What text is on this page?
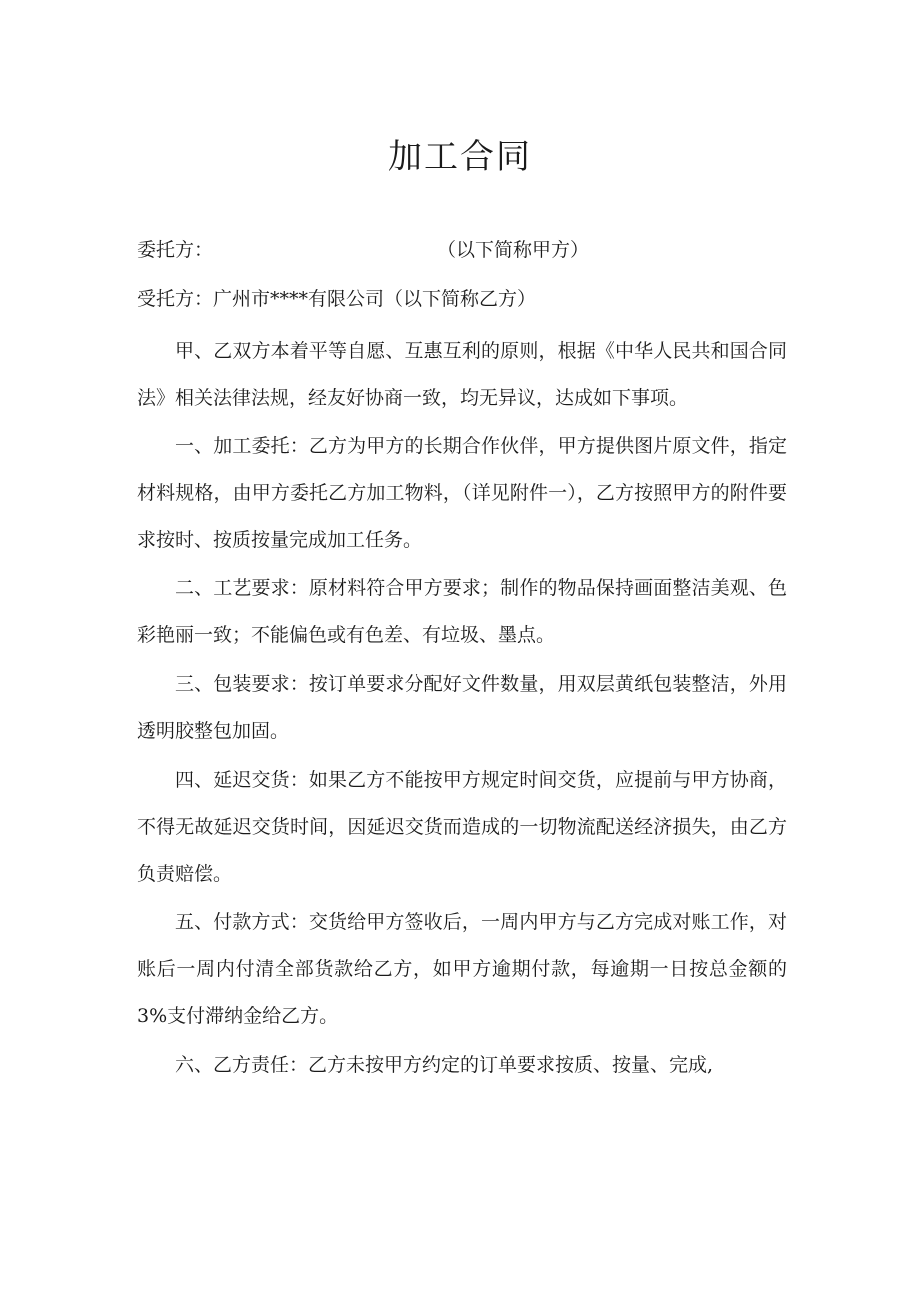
加工合同
委托方：	（以下简称甲方）
受托方：广州市****有限公司（以下简称乙方）

甲、乙双方本着平等自愿、互惠互利的原则，根据《中华人民共和国合同法》相关法律法规，经友好协商一致，均无异议，达成如下事项。

一、加工委托：乙方为甲方的长期合作伙伴，甲方提供图片原文件，指定材料规格，由甲方委托乙方加工物料，（详见附件一），乙方按照甲方的附件要求按时、按质按量完成加工任务。

二、工艺要求：原材料符合甲方要求；制作的物品保持画面整洁美观、色彩艳丽一致；不能偏色或有色差、有垃圾、墨点。

三、包装要求：按订单要求分配好文件数量，用双层黄纸包装整洁，外用透明胶整包加固。

四、延迟交货：如果乙方不能按甲方规定时间交货，应提前与甲方协商，不得无故延迟交货时间，因延迟交货而造成的一切物流配送经济损失，由乙方负责赔偿。

五、付款方式：交货给甲方签收后，一周内甲方与乙方完成对账工作，对账后一周内付清全部货款给乙方，如甲方逾期付款，每逾期一日按总金额的3%支付滞纳金给乙方。

六、乙方责任：乙方未按甲方约定的订单要求按质、按量、完成,
